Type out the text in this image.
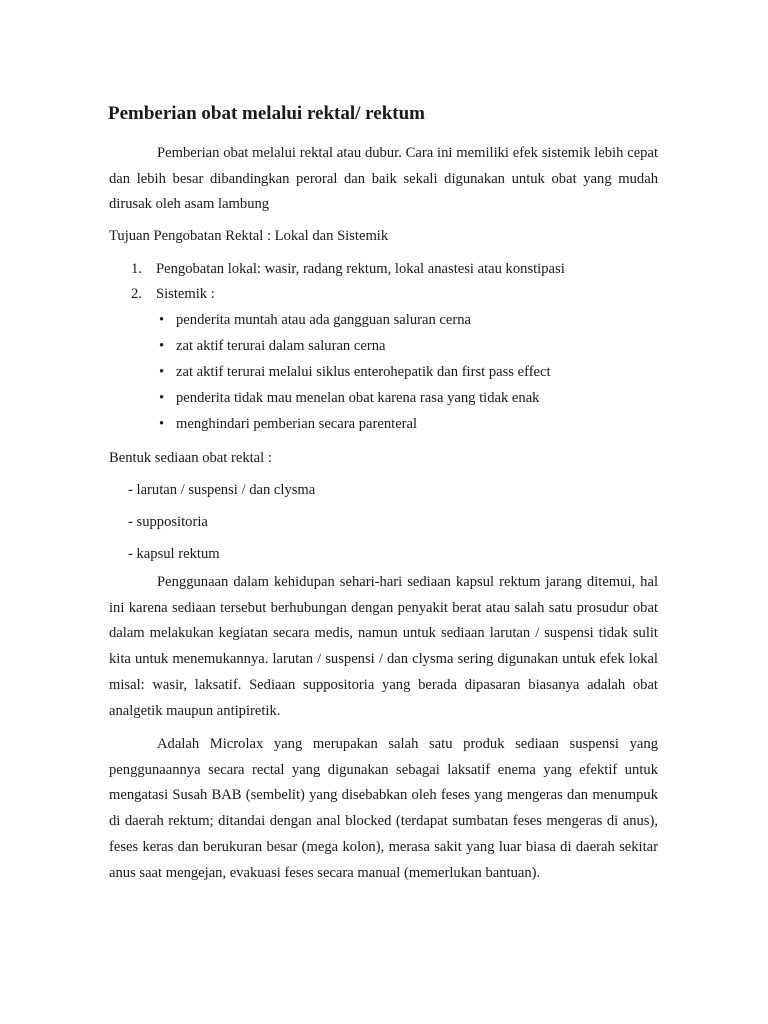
Pemberian obat melalui rektal/ rektum

Pemberian obat melalui rektal atau dubur. Cara ini memiliki efek sistemik lebih cepat dan lebih besar dibandingkan peroral dan baik sekali digunakan untuk obat yang mudah dirusak oleh asam lambung

Tujuan Pengobatan Rektal : Lokal dan Sistemik
1. Pengobatan lokal: wasir, radang rektum, lokal anastesi atau konstipasi
2. Sistemik :
• penderita muntah atau ada gangguan saluran cerna
• zat aktif terurai dalam saluran cerna
• zat aktif terurai melalui siklus enterohepatik dan first pass effect
• penderita tidak mau menelan obat karena rasa yang tidak enak
• menghindari pemberian secara parenteral
Bentuk sediaan obat rektal :
- larutan / suspensi / dan clysma
- suppositoria
- kapsul rektum

Penggunaan dalam kehidupan sehari-hari sediaan kapsul rektum jarang ditemui, hal ini karena sediaan tersebut berhubungan dengan penyakit berat atau salah satu prosudur obat dalam melakukan kegiatan secara medis, namun untuk sediaan larutan / suspensi tidak sulit kita untuk menemukannya. larutan / suspensi / dan clysma sering digunakan untuk efek lokal misal: wasir, laksatif. Sediaan suppositoria yang berada dipasaran biasanya adalah obat analgetik maupun antipiretik.

Adalah Microlax yang merupakan salah satu produk sediaan suspensi yang penggunaannya secara rectal yang digunakan sebagai laksatif enema yang efektif untuk mengatasi Susah BAB (sembelit) yang disebabkan oleh feses yang mengeras dan menumpuk di daerah rektum; ditandai dengan anal blocked (terdapat sumbatan feses mengeras di anus), feses keras dan berukuran besar (mega kolon), merasa sakit yang luar biasa di daerah sekitar anus saat mengejan, evakuasi feses secara manual (memerlukan bantuan).
